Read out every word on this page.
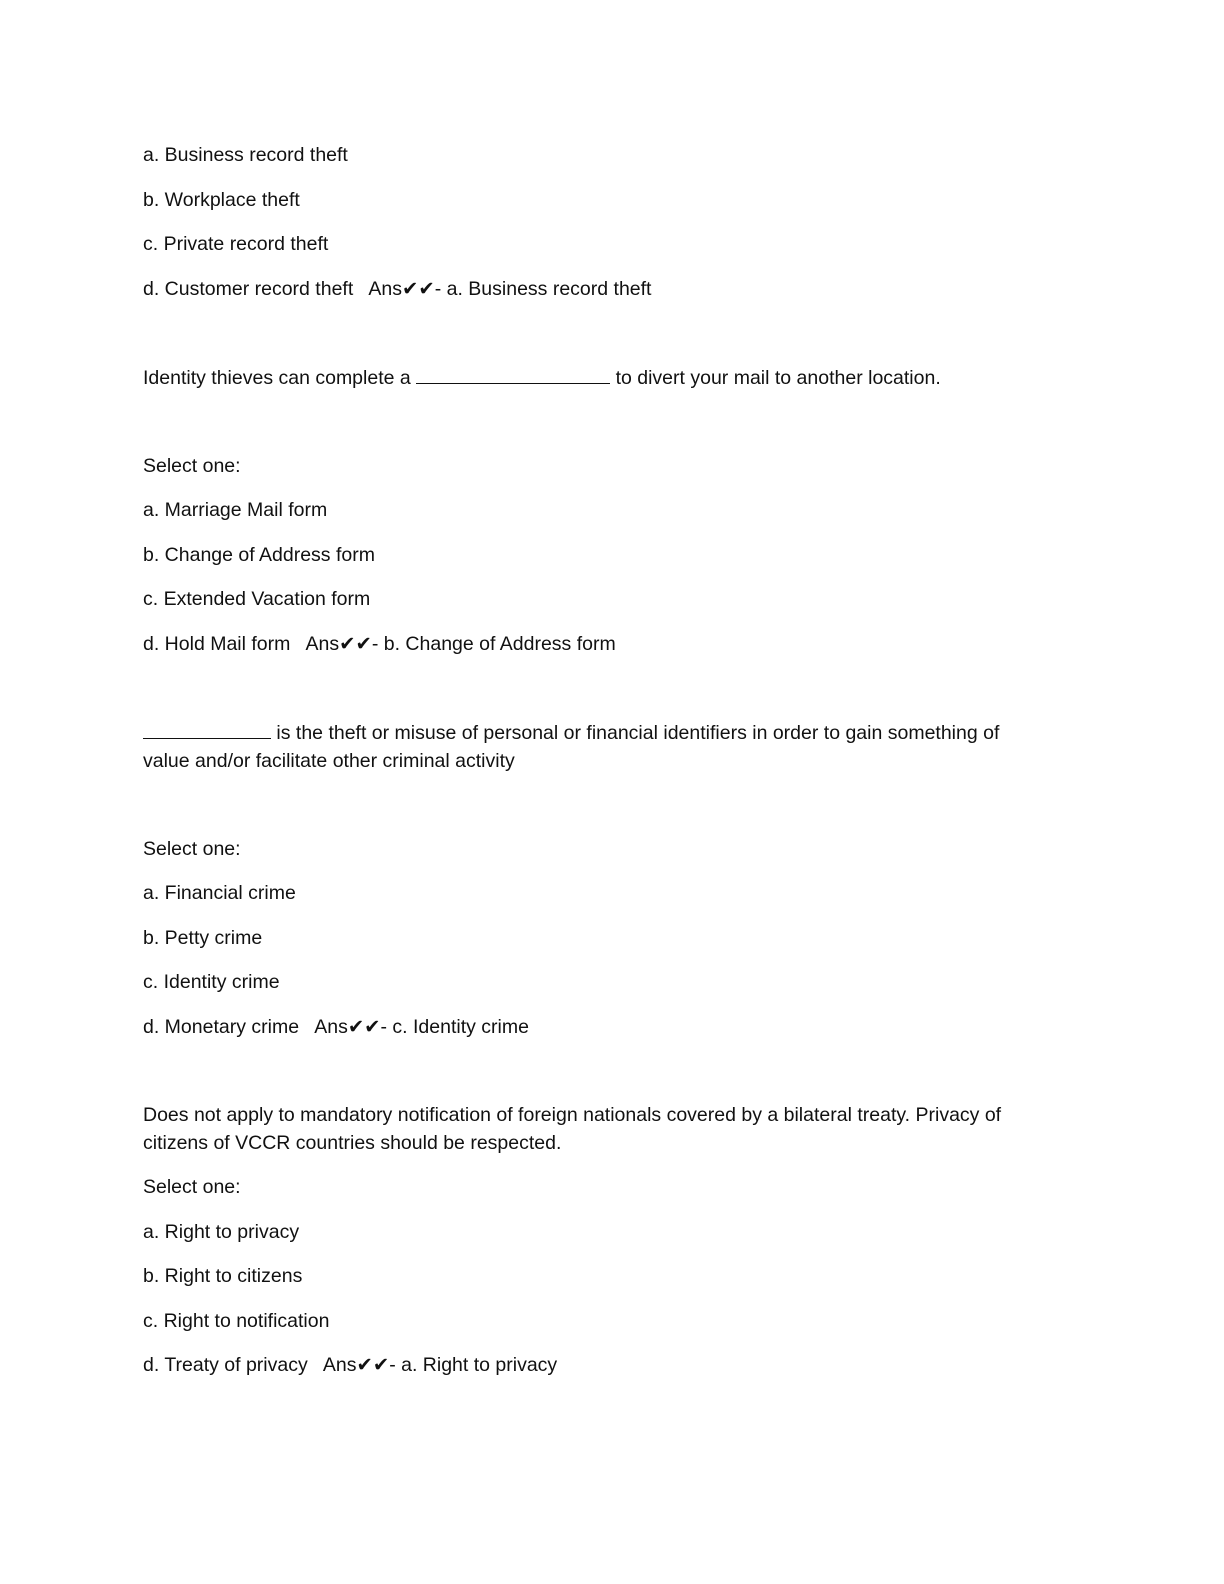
a. Business record theft

b. Workplace theft

c. Private record theft

d. Customer record theft   Ans✔✔- a. Business record theft

Identity thieves can complete a	to divert your mail to another location.

Select one:

a. Marriage Mail form

b. Change of Address form

c. Extended Vacation form

d. Hold Mail form   Ans✔✔- b. Change of Address form

is the theft or misuse of personal or financial identifiers in order to gain something of value and/or facilitate other criminal activity

Select one:

a. Financial crime

b. Petty crime

c. Identity crime

d. Monetary crime   Ans✔✔- c. Identity crime

Does not apply to mandatory notification of foreign nationals covered by a bilateral treaty. Privacy of citizens of VCCR countries should be respected.

Select one:

a. Right to privacy

b. Right to citizens

c. Right to notification

d. Treaty of privacy   Ans✔✔- a. Right to privacy
